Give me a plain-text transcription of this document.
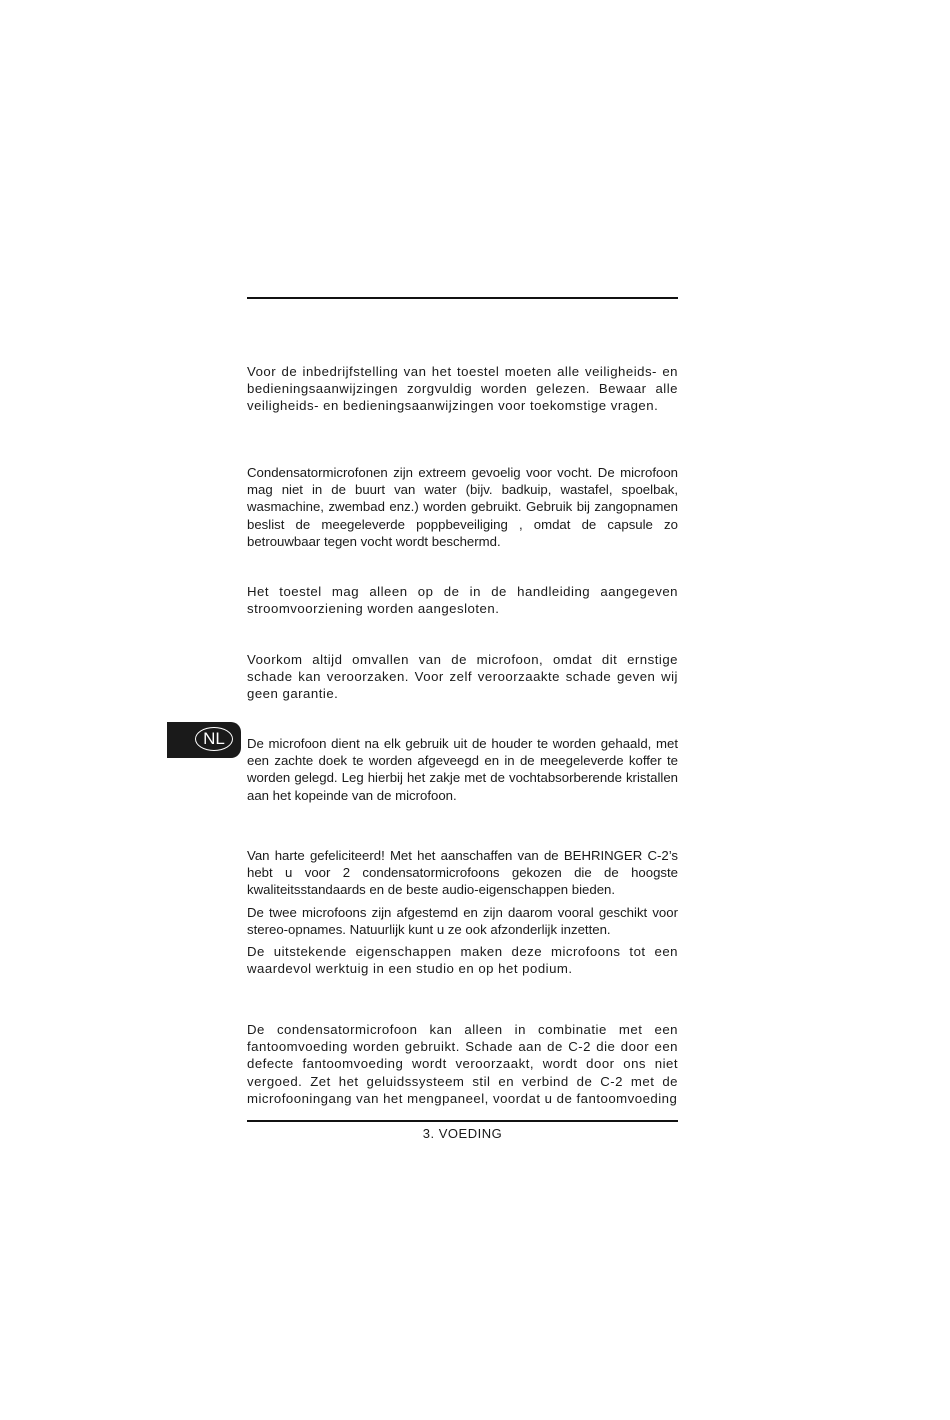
Voor de inbedrijfstelling van het toestel moeten alle veiligheids- en bedieningsaanwijzingen zorgvuldig worden gelezen. Bewaar alle veiligheids- en bedieningsaanwijzingen voor toekomstige vragen.

Condensatormicrofonen zijn extreem gevoelig voor vocht. De microfoon mag niet in de buurt van water (bijv. badkuip, wastafel, spoelbak, wasmachine, zwembad enz.) worden gebruikt. Gebruik bij zangopnamen beslist de meegeleverde poppbeveiliging , omdat de capsule zo betrouwbaar tegen vocht wordt beschermd.

Het toestel mag alleen op de in de handleiding aangegeven stroomvoorziening worden aangesloten.

Voorkom altijd omvallen van de microfoon, omdat dit ernstige schade kan veroorzaken. Voor zelf veroorzaakte schade geven wij geen garantie.

NL	De microfoon dient na elk gebruik uit de houder te worden gehaald, met een zachte doek te worden afgeveegd en in de meegeleverde koffer te worden gelegd. Leg hierbij het zakje met de vochtabsorberende kristallen aan het kopeinde van de microfoon.

Van harte gefeliciteerd! Met het aanschaffen van de BEHRINGER C-2’s hebt u voor 2 condensatormicrofoons gekozen die de hoogste kwaliteitsstandaards en de beste audio-eigenschappen bieden.

De twee microfoons zijn afgestemd en zijn daarom vooral geschikt voor stereo-opnames. Natuurlijk kunt u ze ook afzonderlijk inzetten.

De uitstekende eigenschappen maken deze microfoons tot een waardevol werktuig in een studio en op het podium.

De condensatormicrofoon kan alleen in combinatie met een fantoomvoeding worden gebruikt. Schade aan de C-2 die door een defecte fantoomvoeding wordt veroorzaakt, wordt door ons niet vergoed. Zet het geluidssysteem stil en verbind de C-2 met de microfooningang van het mengpaneel, voordat u de fantoomvoeding

3. VOEDING
